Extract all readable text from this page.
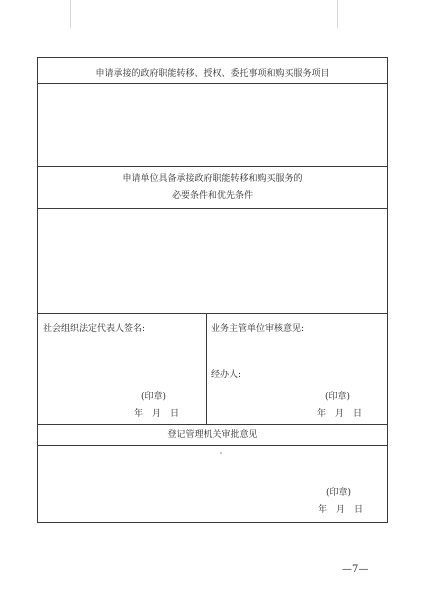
申请承接的政府职能转移、授权、委托事项和购买服务项目
申请单位具备承接政府职能转移和购买服务的
必要条件和优先条件
社会组织法定代表人签名:
(印章)
年　月　日
业务主管单位审核意见:
经办人:
(印章)
年　月　日
登记管理机关审批意见
(印章)
年　月　日
—7—
